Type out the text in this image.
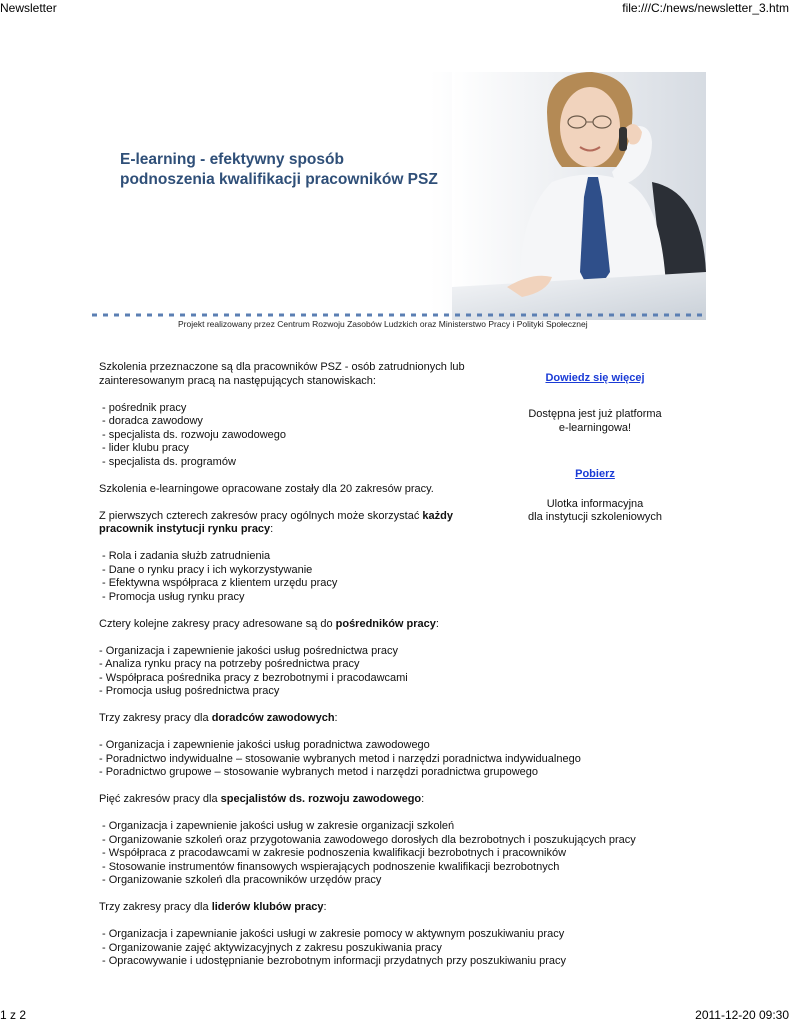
Newsletter	file:///C:/news/newsletter_3.htm
E-learning - efektywny sposób
podnoszenia kwalifikacji pracowników PSZ
Projekt realizowany przez Centrum Rozwoju Zasobów Ludzkich oraz Ministerstwo Pracy i Polityki Społecznej

Szkolenia przeznaczone są dla pracowników PSZ - osób zatrudnionych lub

zainteresowanym pracą na następujących stanowiskach:

- pośrednik pracy

- doradca zawodowy

- specjalista ds. rozwoju zawodowego

- lider klubu pracy

- specjalista ds. programów

Szkolenia e-learningowe opracowane zostały dla 20 zakresów pracy.

Z pierwszych czterech zakresów pracy ogólnych może skorzystać każdy
pracownik instytucji rynku pracy:

- Rola i zadania służb zatrudnienia

- Dane o rynku pracy i ich wykorzystywanie

- Efektywna współpraca z klientem urzędu pracy

- Promocja usług rynku pracy

Cztery kolejne zakresy pracy adresowane są do pośredników pracy:

- Organizacja i zapewnienie jakości usług pośrednictwa pracy

- Analiza rynku pracy na potrzeby pośrednictwa pracy

- Współpraca pośrednika pracy z bezrobotnymi i pracodawcami

- Promocja usług pośrednictwa pracy

Trzy zakresy pracy dla doradców zawodowych:

- Organizacja i zapewnienie jakości usług poradnictwa zawodowego

- Poradnictwo indywidualne – stosowanie wybranych metod i narzędzi poradnictwa indywidualnego

- Poradnictwo grupowe – stosowanie wybranych metod i narzędzi poradnictwa grupowego

Pięć zakresów pracy dla specjalistów ds. rozwoju zawodowego:

- Organizacja i zapewnienie jakości usług w zakresie organizacji szkoleń

- Organizowanie szkoleń oraz przygotowania zawodowego dorosłych dla bezrobotnych i poszukujących pracy

- Współpraca z pracodawcami w zakresie podnoszenia kwalifikacji bezrobotnych i pracowników

- Stosowanie instrumentów finansowych wspierających podnoszenie kwalifikacji bezrobotnych

- Organizowanie szkoleń dla pracowników urzędów pracy

Trzy zakresy pracy dla liderów klubów pracy:

- Organizacja i zapewnianie jakości usługi w zakresie pomocy w aktywnym poszukiwaniu pracy

- Organizowanie zajęć aktywizacyjnych z zakresu poszukiwania pracy

- Opracowywanie i udostępnianie bezrobotnym informacji przydatnych przy poszukiwaniu pracy

Dowiedz się więcej

Dostępna jest już platforma

e-learningowa!

Pobierz

Ulotka informacyjna

dla instytucji szkoleniowych

1 z 2	2011-12-20 09:30
